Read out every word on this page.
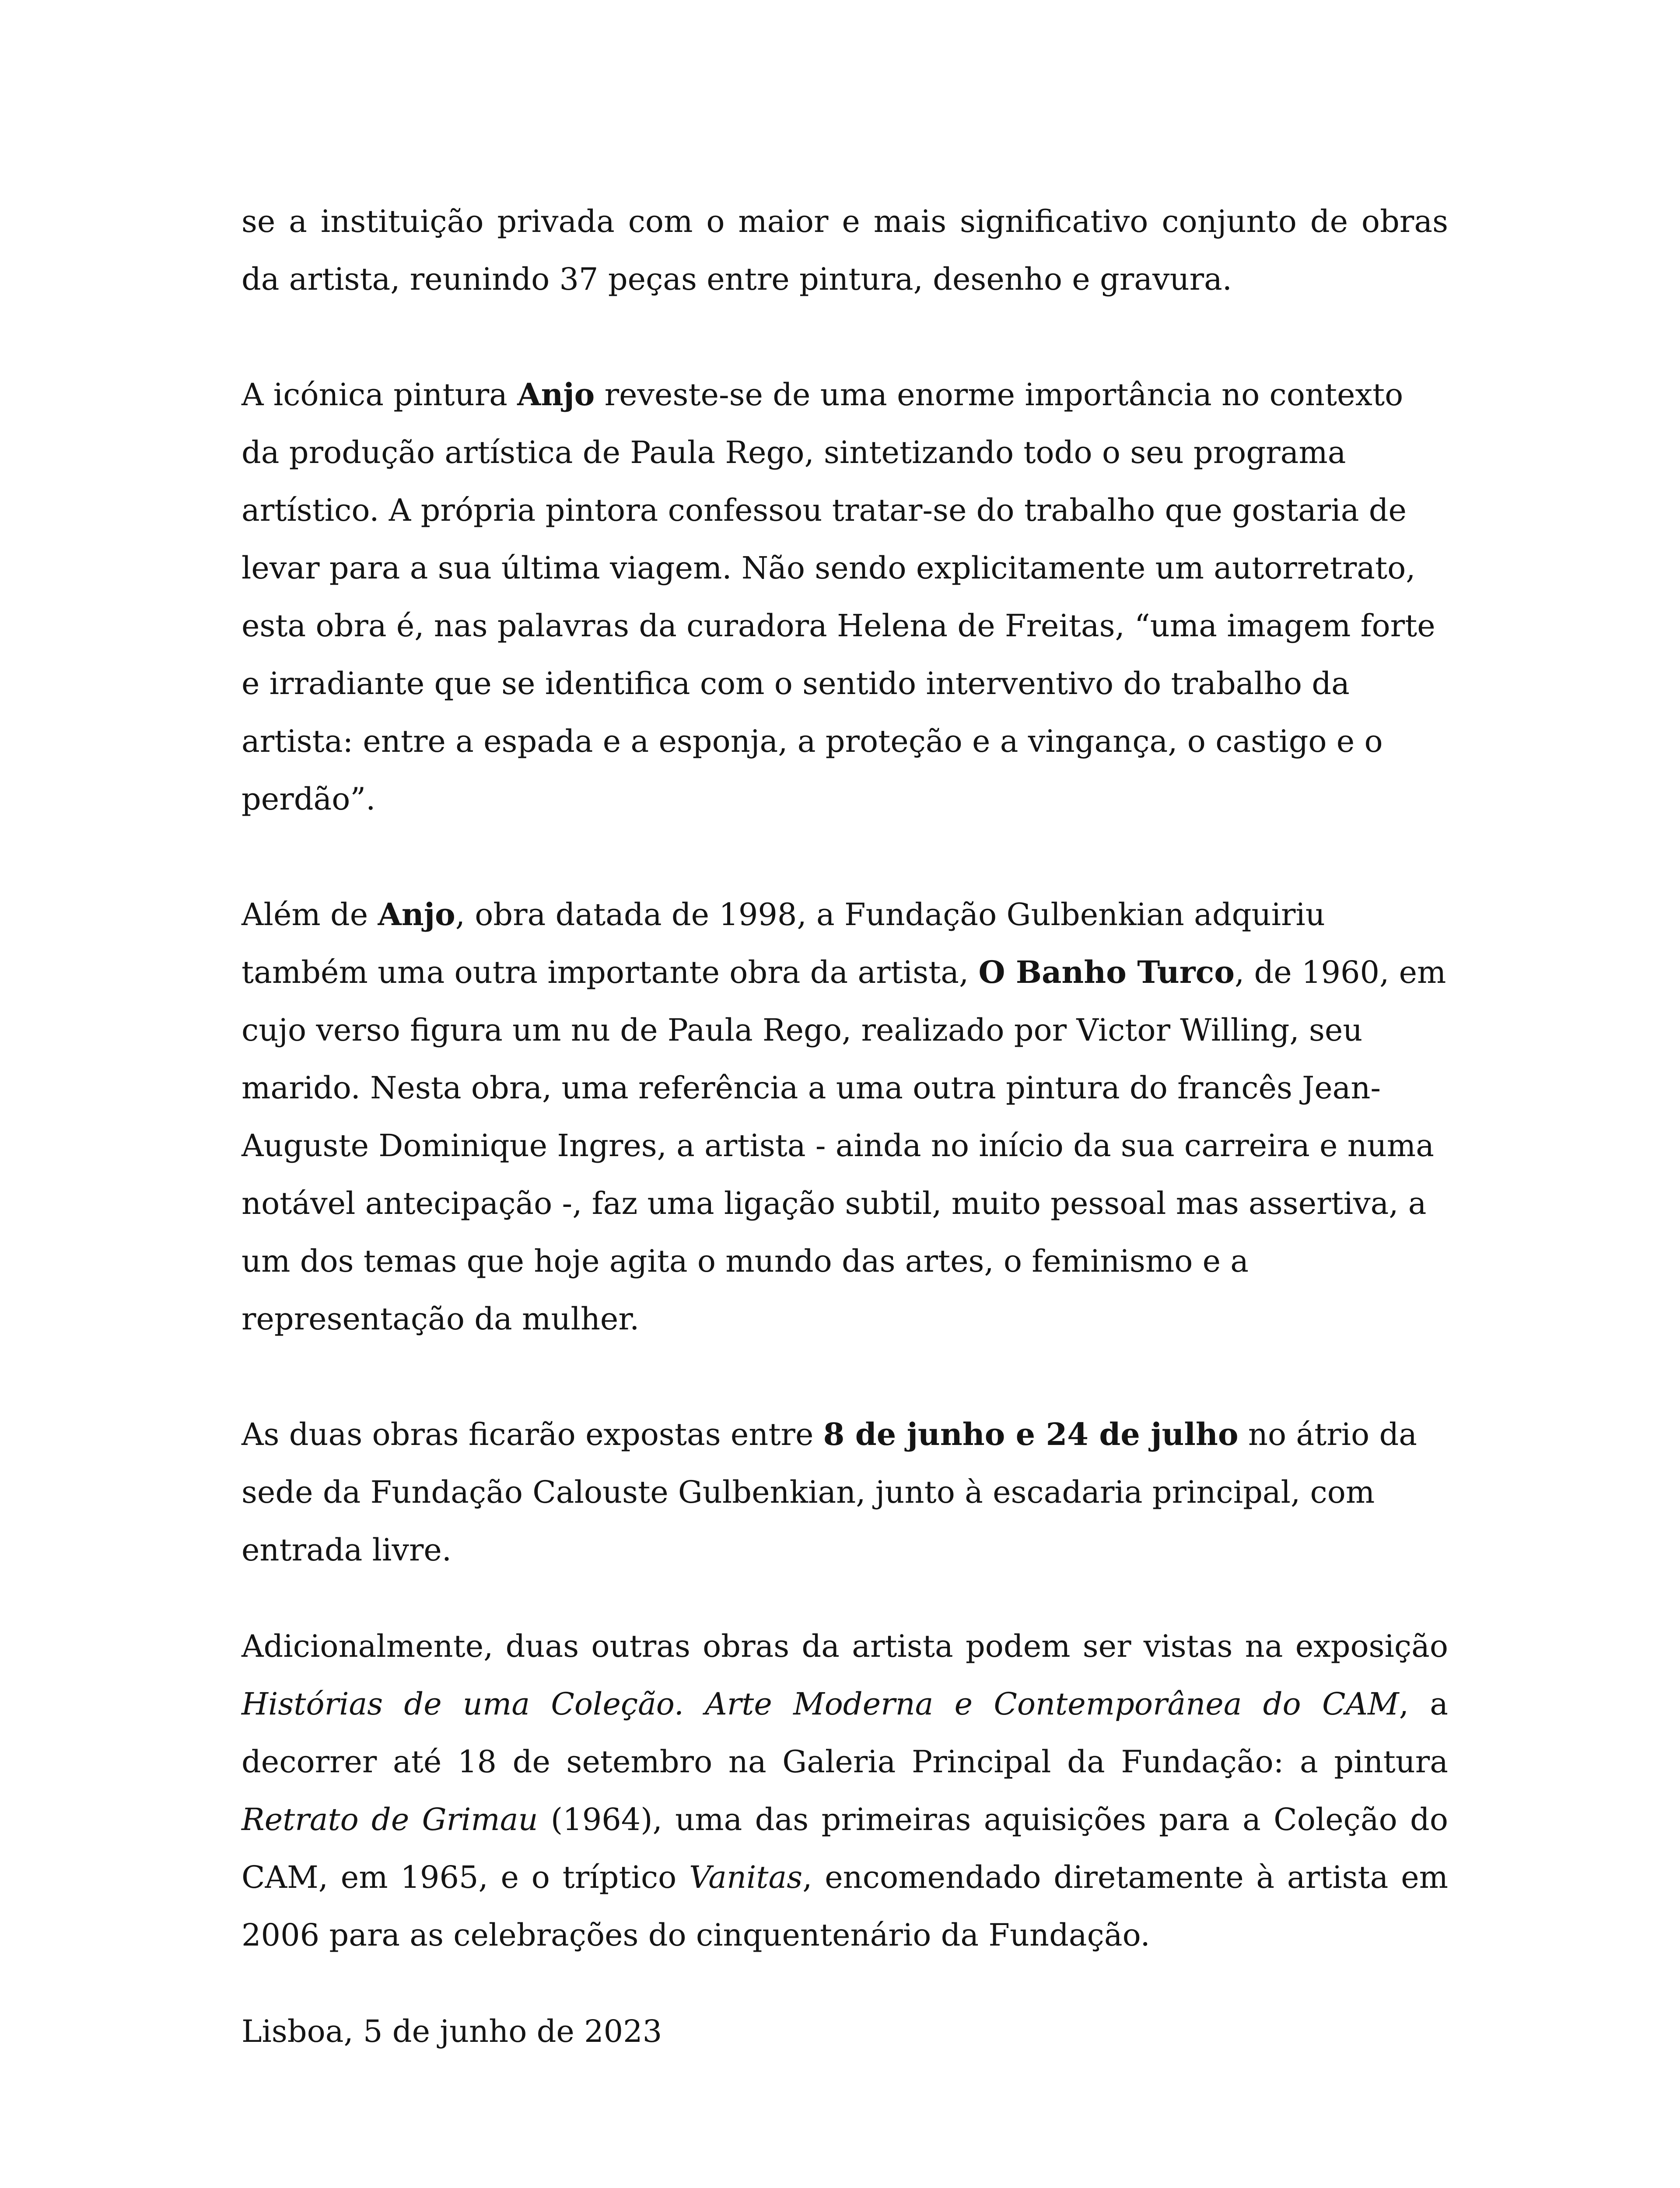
se a instituição privada com o maior e mais significativo conjunto de obras da artista, reunindo 37 peças entre pintura, desenho e gravura.

A icónica pintura Anjo reveste-se de uma enorme importância no contexto da produção artística de Paula Rego, sintetizando todo o seu programa artístico. A própria pintora confessou tratar-se do trabalho que gostaria de levar para a sua última viagem. Não sendo explicitamente um autorretrato, esta obra é, nas palavras da curadora Helena de Freitas, “uma imagem forte e irradiante que se identifica com o sentido interventivo do trabalho da artista: entre a espada e a esponja, a proteção e a vingança, o castigo e o perdão”.

Além de Anjo, obra datada de 1998, a Fundação Gulbenkian adquiriu também uma outra importante obra da artista, O Banho Turco, de 1960, em cujo verso figura um nu de Paula Rego, realizado por Victor Willing, seu marido. Nesta obra, uma referência a uma outra pintura do francês Jean-Auguste Dominique Ingres, a artista - ainda no início da sua carreira e numa notável antecipação -, faz uma ligação subtil, muito pessoal mas assertiva, a um dos temas que hoje agita o mundo das artes, o feminismo e a representação da mulher.

As duas obras ficarão expostas entre 8 de junho e 24 de julho no átrio da sede da Fundação Calouste Gulbenkian, junto à escadaria principal, com entrada livre.

Adicionalmente, duas outras obras da artista podem ser vistas na exposição Histórias de uma Coleção. Arte Moderna e Contemporânea do CAM, a decorrer até 18 de setembro na Galeria Principal da Fundação: a pintura Retrato de Grimau (1964), uma das primeiras aquisições para a Coleção do CAM, em 1965, e o tríptico Vanitas, encomendado diretamente à artista em 2006 para as celebrações do cinquentenário da Fundação.

Lisboa, 5 de junho de 2023
